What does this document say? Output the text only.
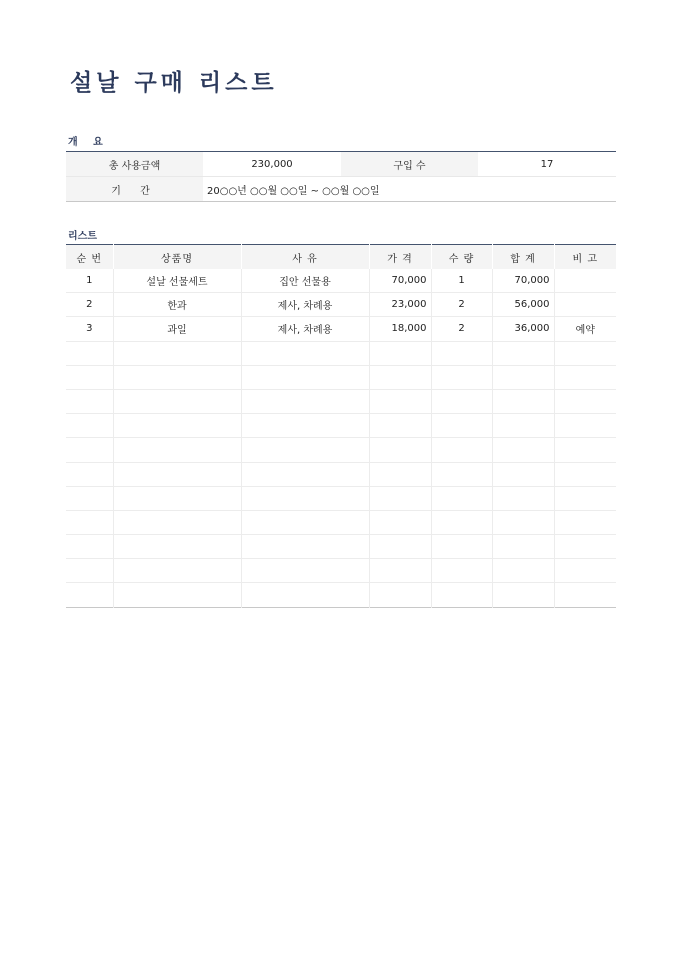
설날 구매 리스트
개 요
총 사용금액	230,000	구입 수	17
기 간	20○○년 ○○월 ○○일 ~ ○○월 ○○일		
리스트
순 번	상품명	사 유	가 격	수 량	합 계	비 고
1	설날 선물세트	집안 선물용	70,000	1	70,000	
2	한과	제사, 차례용	23,000	2	56,000	
3	과일	제사, 차례용	18,000	2	36,000	예약
